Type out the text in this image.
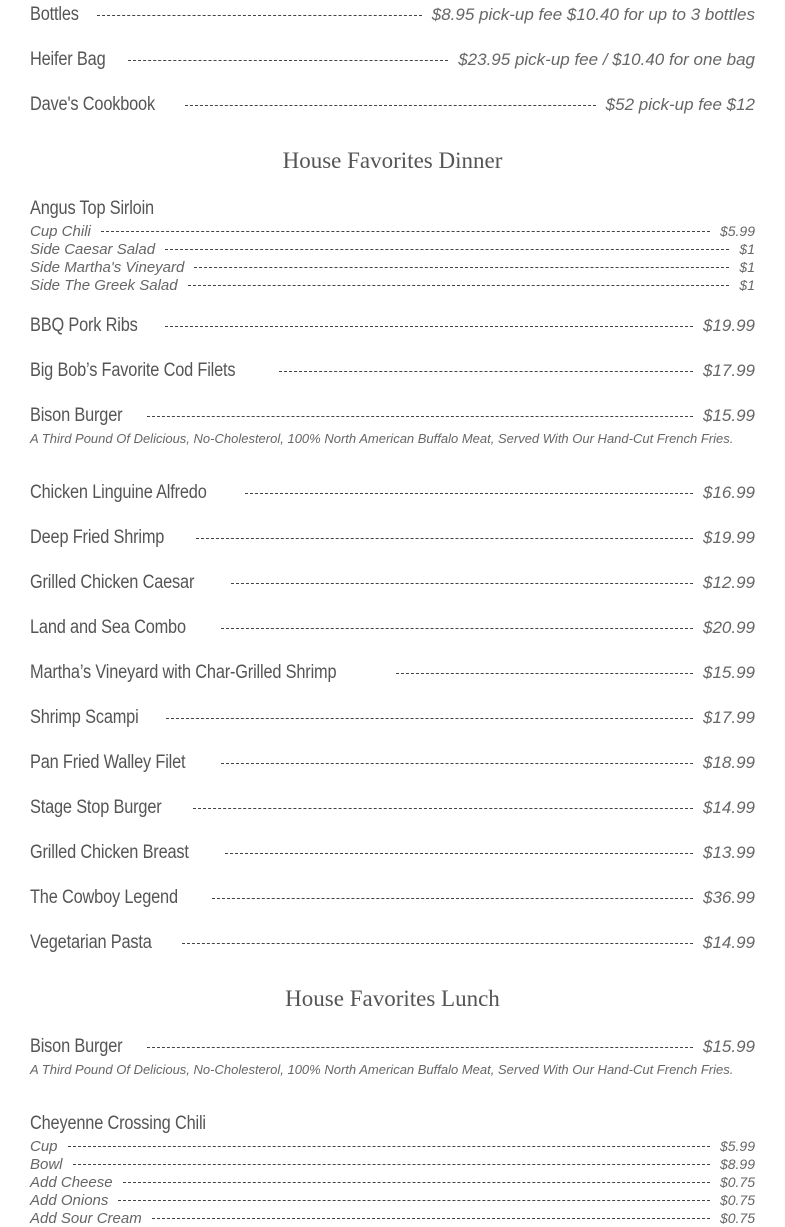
Bottles	$8.95 pick-up fee $10.40 for up to 3 bottles
Heifer Bag	$23.95 pick-up fee / $10.40 for one bag
Dave's Cookbook	$52 pick-up fee $12
House Favorites Dinner
Angus Top Sirloin
Cup Chili	$5.99
Side Caesar Salad	$1
Side Martha's Vineyard	$1
Side The Greek Salad	$1
BBQ Pork Ribs	$19.99
Big Bob’s Favorite Cod Filets	$17.99
Bison Burger	$15.99
A Third Pound Of Delicious, No-Cholesterol, 100% North American Buffalo Meat, Served With Our Hand-Cut French Fries.
Chicken Linguine Alfredo	$16.99
Deep Fried Shrimp	$19.99
Grilled Chicken Caesar	$12.99
Land and Sea Combo	$20.99
Martha’s Vineyard with Char-Grilled Shrimp	$15.99
Shrimp Scampi	$17.99
Pan Fried Walley Filet	$18.99
Stage Stop Burger	$14.99
Grilled Chicken Breast	$13.99
The Cowboy Legend	$36.99
Vegetarian Pasta	$14.99
House Favorites Lunch
Bison Burger	$15.99
A Third Pound Of Delicious, No-Cholesterol, 100% North American Buffalo Meat, Served With Our Hand-Cut French Fries.
Cheyenne Crossing Chili
Cup	$5.99
Bowl	$8.99
Add Cheese	$0.75
Add Onions	$0.75
Add Sour Cream	$0.75
